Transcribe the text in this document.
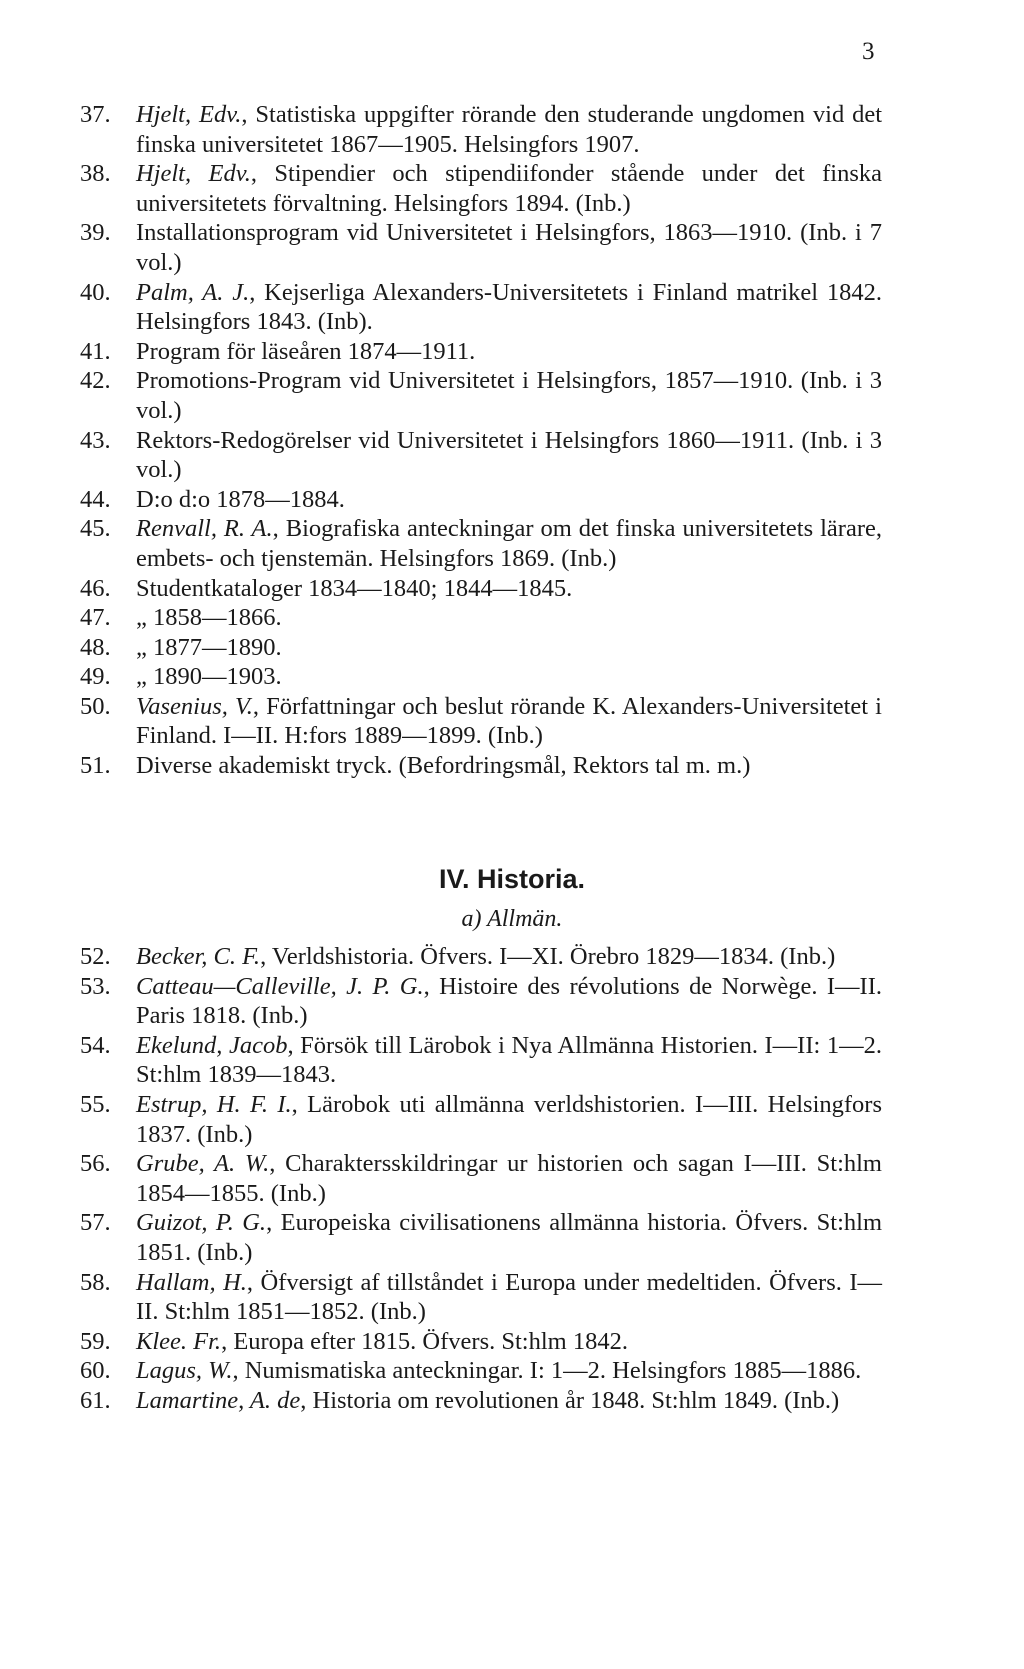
3
37.	Hjelt, Edv., Statistiska uppgifter rörande den studerande ungdomen vid det finska universitetet 1867—1905. Helsingfors 1907.
38.	Hjelt, Edv., Stipendier och stipendiifonder stående under det finska universitetets förvaltning. Helsingfors 1894. (Inb.)
39.	Installationsprogram vid Universitetet i Helsingfors, 1863—1910. (Inb. i 7 vol.)
40.	Palm, A. J., Kejserliga Alexanders-Universitetets i Finland matrikel 1842. Helsingfors 1843. (Inb).
41.	Program för läseåren 1874—1911.
42.	Promotions-Program vid Universitetet i Helsingfors, 1857—1910. (Inb. i 3 vol.)
43.	Rektors-Redogörelser vid Universitetet i Helsingfors 1860—1911. (Inb. i 3 vol.)
44.	D:o d:o 1878—1884.
45.	Renvall, R. A., Biografiska anteckningar om det finska universitetets lärare, embets- och tjenstemän. Helsingfors 1869. (Inb.)
46.	Studentkataloger 1834—1840; 1844—1845.
47.	„ 1858—1866.
48.	„ 1877—1890.
49.	„ 1890—1903.
50.	Vasenius, V., Författningar och beslut rörande K. Alexanders-Universitetet i Finland. I—II. H:fors 1889—1899. (Inb.)
51.	Diverse akademiskt tryck. (Befordringsmål, Rektors tal m. m.)
IV. Historia.
a) Allmän.
52.	Becker, C. F., Verldshistoria. Öfvers. I—XI. Örebro 1829—1834. (Inb.)
53.	Catteau—Calleville, J. P. G., Histoire des révolutions de Norwège. I—II. Paris 1818. (Inb.)
54.	Ekelund, Jacob, Försök till Lärobok i Nya Allmänna Historien. I—II: 1—2. St:hlm 1839—1843.
55.	Estrup, H. F. I., Lärobok uti allmänna verldshistorien. I—III. Helsingfors 1837. (Inb.)
56.	Grube, A. W., Charaktersskildringar ur historien och sagan I—III. St:hlm 1854—1855. (Inb.)
57.	Guizot, P. G., Europeiska civilisationens allmänna historia. Öfvers. St:hlm 1851. (Inb.)
58.	Hallam, H., Öfversigt af tillståndet i Europa under medeltiden. Öfvers. I—II. St:hlm 1851—1852. (Inb.)
59.	Klee. Fr., Europa efter 1815. Öfvers. St:hlm 1842.
60.	Lagus, W., Numismatiska anteckningar. I: 1—2. Helsingfors 1885—1886.
61.	Lamartine, A. de, Historia om revolutionen år 1848. St:hlm 1849. (Inb.)
